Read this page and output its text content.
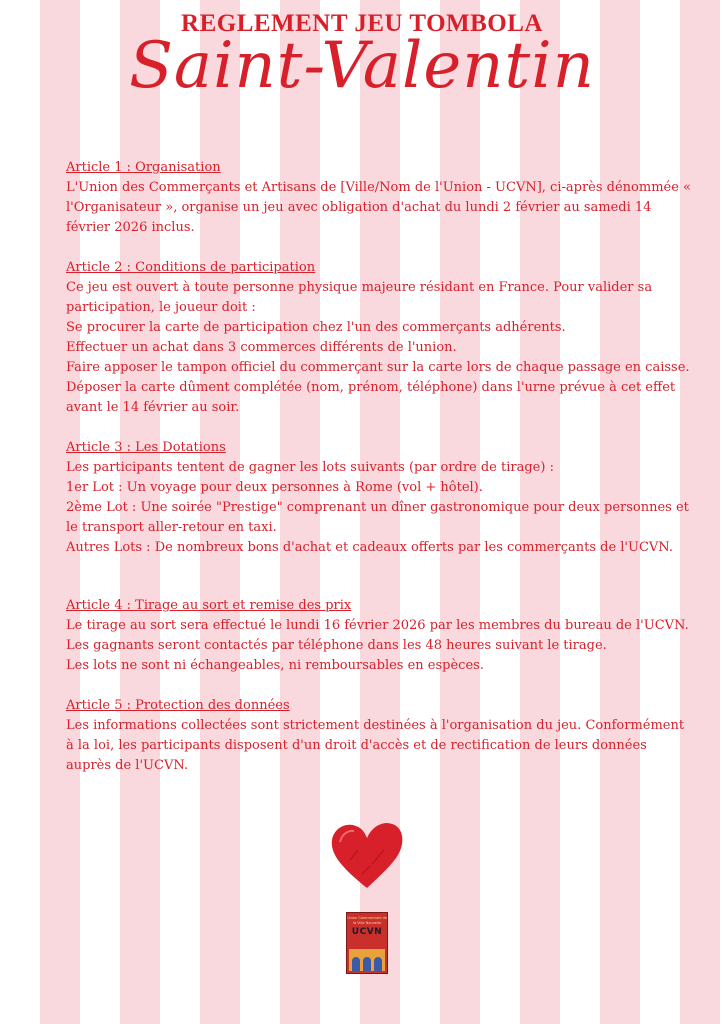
REGLEMENT JEU TOMBOLA
Saint-Valentin
Article 1 : Organisation
L'Union des Commerçants et Artisans de [Ville/Nom de l'Union - UCVN], ci-après dénommée « l'Organisateur », organise un jeu avec obligation d'achat du lundi 2 février au samedi 14 février 2026 inclus.
Article 2 : Conditions de participation
Ce jeu est ouvert à toute personne physique majeure résidant en France. Pour valider sa participation, le joueur doit :
Se procurer la carte de participation chez l'un des commerçants adhérents.
Effectuer un achat dans 3 commerces différents de l'union.
Faire apposer le tampon officiel du commerçant sur la carte lors de chaque passage en caisse.
Déposer la carte dûment complétée (nom, prénom, téléphone) dans l'urne prévue à cet effet avant le 14 février au soir.
Article 3 : Les Dotations
Les participants tentent de gagner les lots suivants (par ordre de tirage) :
1er Lot : Un voyage pour deux personnes à Rome (vol + hôtel).
2ème Lot : Une soirée "Prestige" comprenant un dîner gastronomique pour deux personnes et le transport aller-retour en taxi.
Autres Lots : De nombreux bons d'achat et cadeaux offerts par les commerçants de l'UCVN.
Article 4 : Tirage au sort et remise des prix
Le tirage au sort sera effectué le lundi 16 février 2026 par les membres du bureau de l'UCVN.
Les gagnants seront contactés par téléphone dans les 48 heures suivant le tirage.
Les lots ne sont ni échangeables, ni remboursables en espèces.
Article 5 : Protection des données
Les informations collectées sont strictement destinées à l'organisation du jeu. Conformément à la loi, les participants disposent d'un droit d'accès et de rectification de leurs données auprès de l'UCVN.
Union Commerciale de la Ville Nouvelle
UCVN
